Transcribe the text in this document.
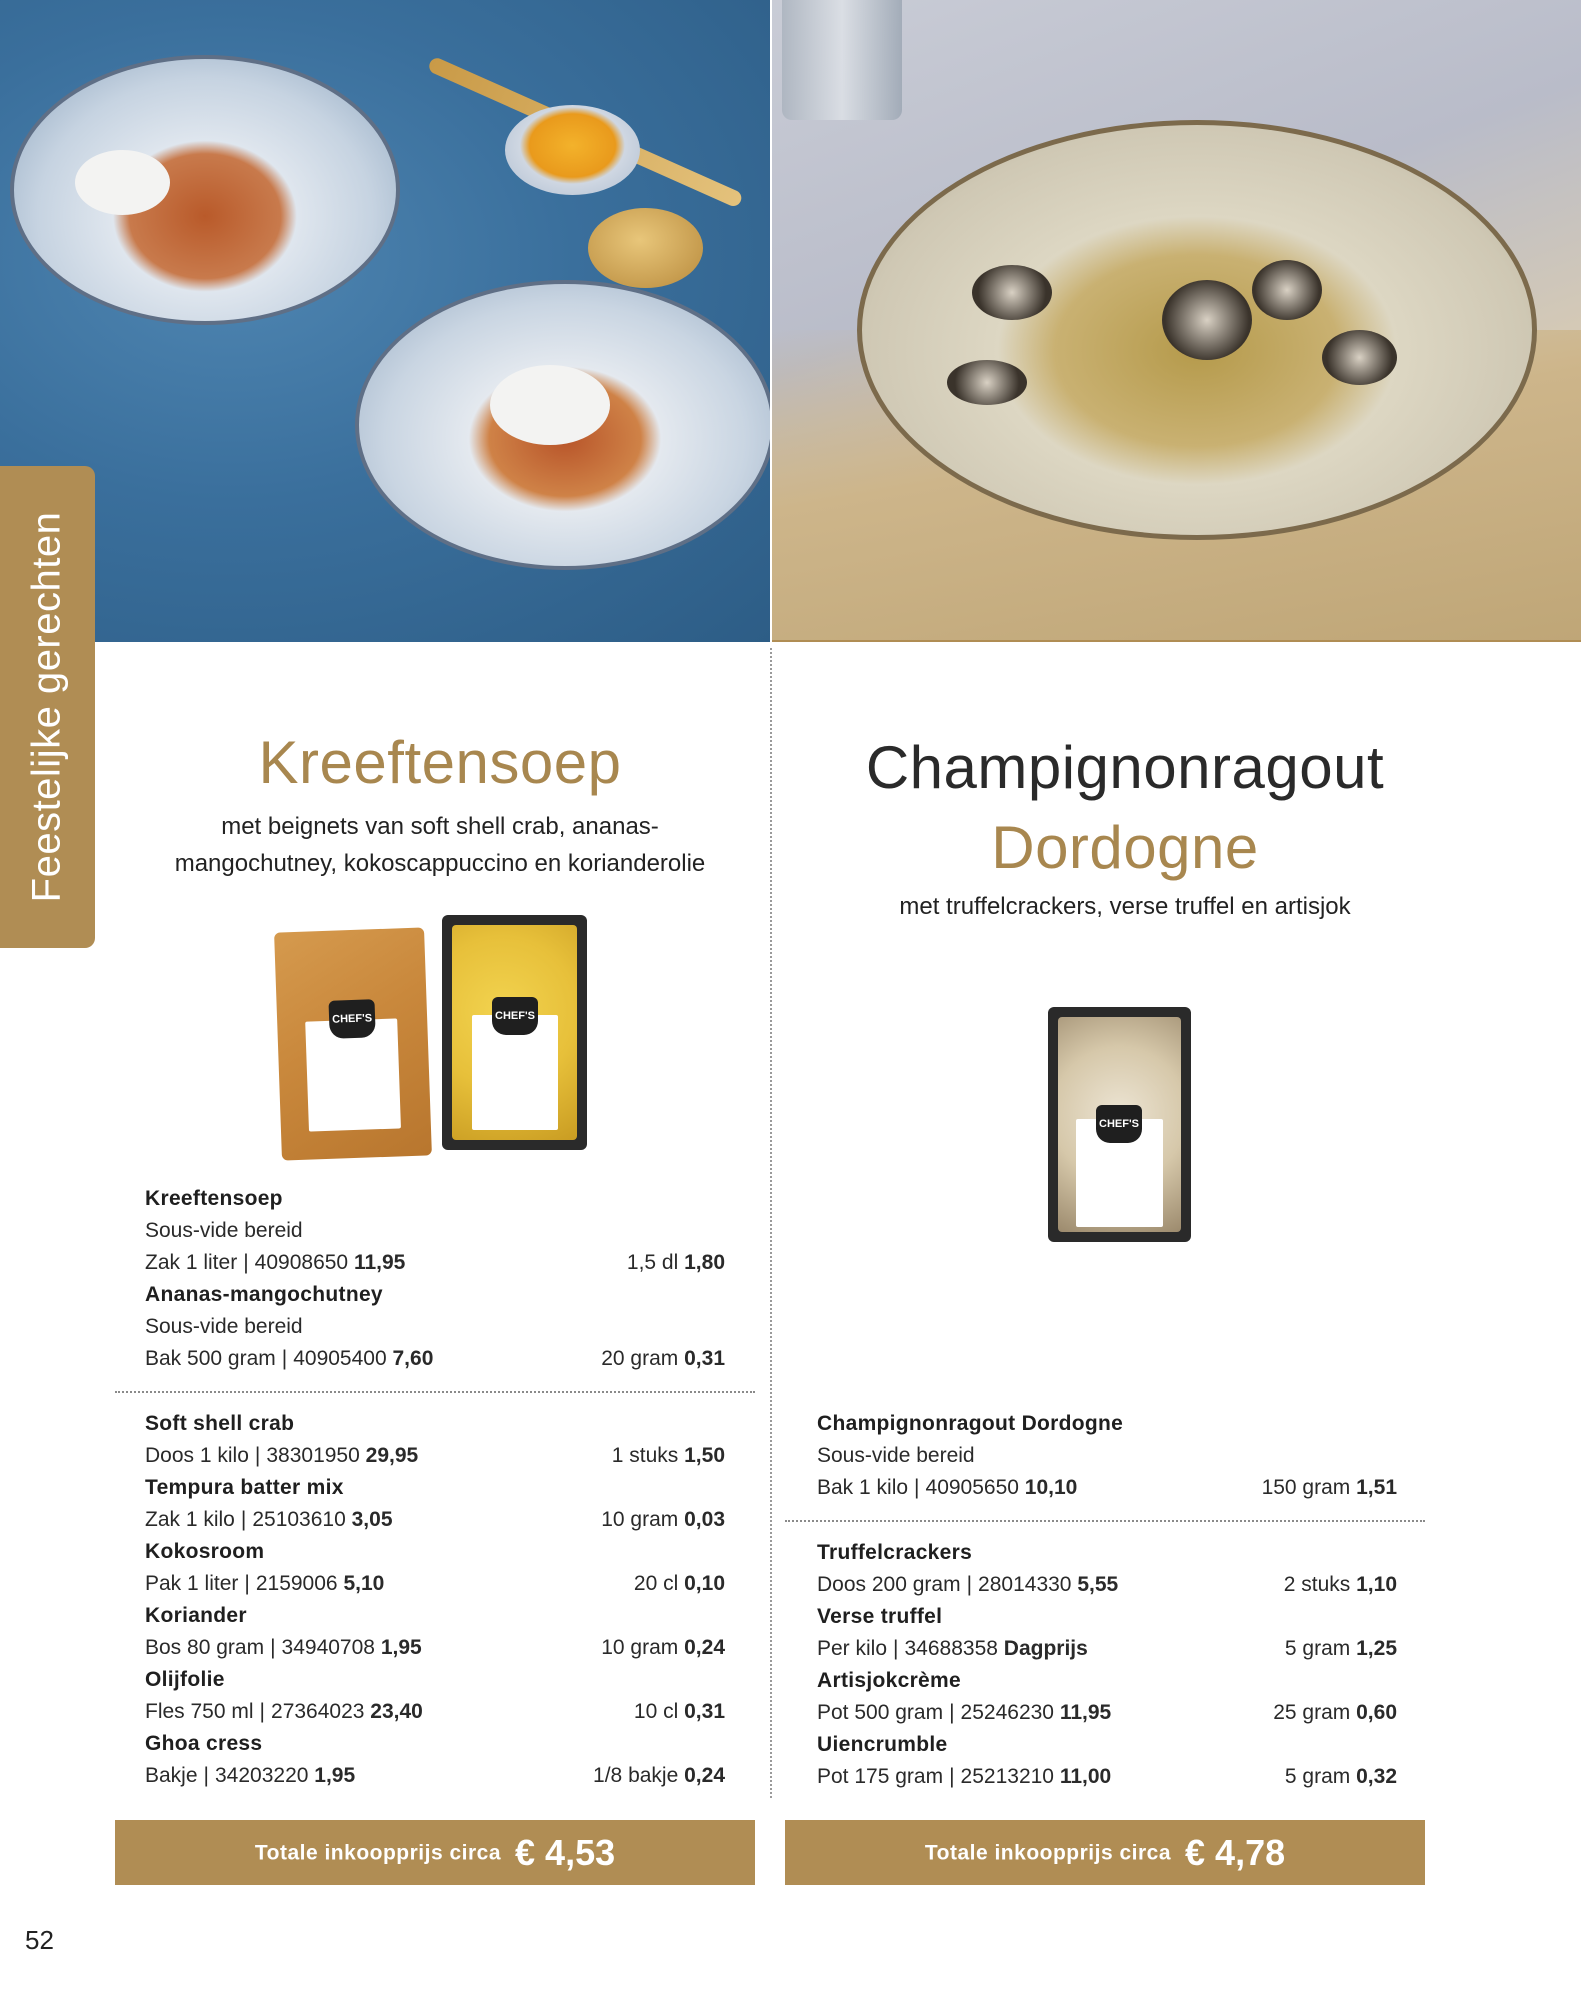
Feestelijke gerechten	Kreeftensoep
met beignets van soft shell crab, ananas-
mangochutney, kokoscappuccino en korianderolie
CHEF'S	CHEF'S
Kreeftensoep
Sous-vide bereid
Zak 1 liter | 40908650 11,95	1,5 dl 1,80
Ananas-mangochutney
Sous-vide bereid
Bak 500 gram | 40905400 7,60	20 gram 0,31
Soft shell crab
Doos 1 kilo | 38301950 29,95	1 stuks 1,50
Tempura batter mix
Zak 1 kilo | 25103610 3,05	10 gram 0,03
Kokosroom
Pak 1 liter | 2159006 5,10	20 cl 0,10
Koriander
Bos 80 gram | 34940708 1,95	10 gram 0,24
Olijfolie
Fles 750 ml | 27364023 23,40	10 cl 0,31
Ghoa cress
Bakje | 34203220 1,95	1/8 bakje 0,24
Totale inkoopprijs circa € 4,53
Champignonragout
Dordogne
met truffelcrackers, verse truffel en artisjok
CHEF'S
Champignonragout Dordogne
Sous-vide bereid
Bak 1 kilo | 40905650 10,10	150 gram 1,51
Truffelcrackers
Doos 200 gram | 28014330 5,55	2 stuks 1,10
Verse truffel
Per kilo | 34688358 Dagprijs	5 gram 1,25
Artisjokcrème
Pot 500 gram | 25246230 11,95	25 gram 0,60
Uiencrumble
Pot 175 gram | 25213210 11,00	5 gram 0,32
Totale inkoopprijs circa € 4,78
52
